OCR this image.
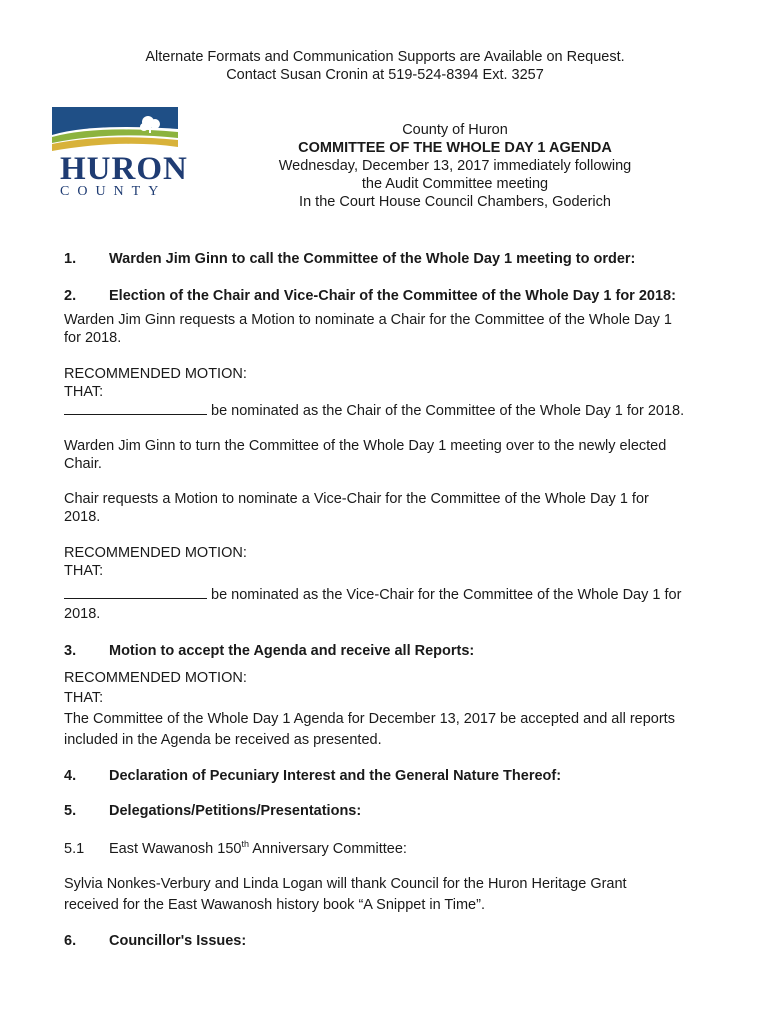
Alternate Formats and Communication Supports are Available on Request.
Contact Susan Cronin at 519-524-8394 Ext. 3257
HURON
COUNTY
County of Huron
COMMITTEE OF THE WHOLE DAY 1 AGENDA
Wednesday, December 13, 2017 immediately following
the Audit Committee meeting
In the Court House Council Chambers, Goderich
1. Warden Jim Ginn to call the Committee of the Whole Day 1 meeting to order:
2. Election of the Chair and Vice-Chair of the Committee of the Whole Day 1 for 2018:
Warden Jim Ginn requests a Motion to nominate a Chair for the Committee of the Whole Day 1
for 2018.
RECOMMENDED MOTION:
THAT:
be nominated as the Chair of the Committee of the Whole Day 1 for 2018.
Warden Jim Ginn to turn the Committee of the Whole Day 1 meeting over to the newly elected
Chair.
Chair requests a Motion to nominate a Vice-Chair for the Committee of the Whole Day 1 for
2018.
RECOMMENDED MOTION:
THAT:
be nominated as the Vice-Chair for the Committee of the Whole Day 1 for
2018.
3. Motion to accept the Agenda and receive all Reports:
RECOMMENDED MOTION:
THAT:
The Committee of the Whole Day 1 Agenda for December 13, 2017 be accepted and all reports
included in the Agenda be received as presented.
4. Declaration of Pecuniary Interest and the General Nature Thereof:
5. Delegations/Petitions/Presentations:
5.1 East Wawanosh 150th Anniversary Committee:
Sylvia Nonkes-Verbury and Linda Logan will thank Council for the Huron Heritage Grant
received for the East Wawanosh history book “A Snippet in Time”.
6. Councillor's Issues:
